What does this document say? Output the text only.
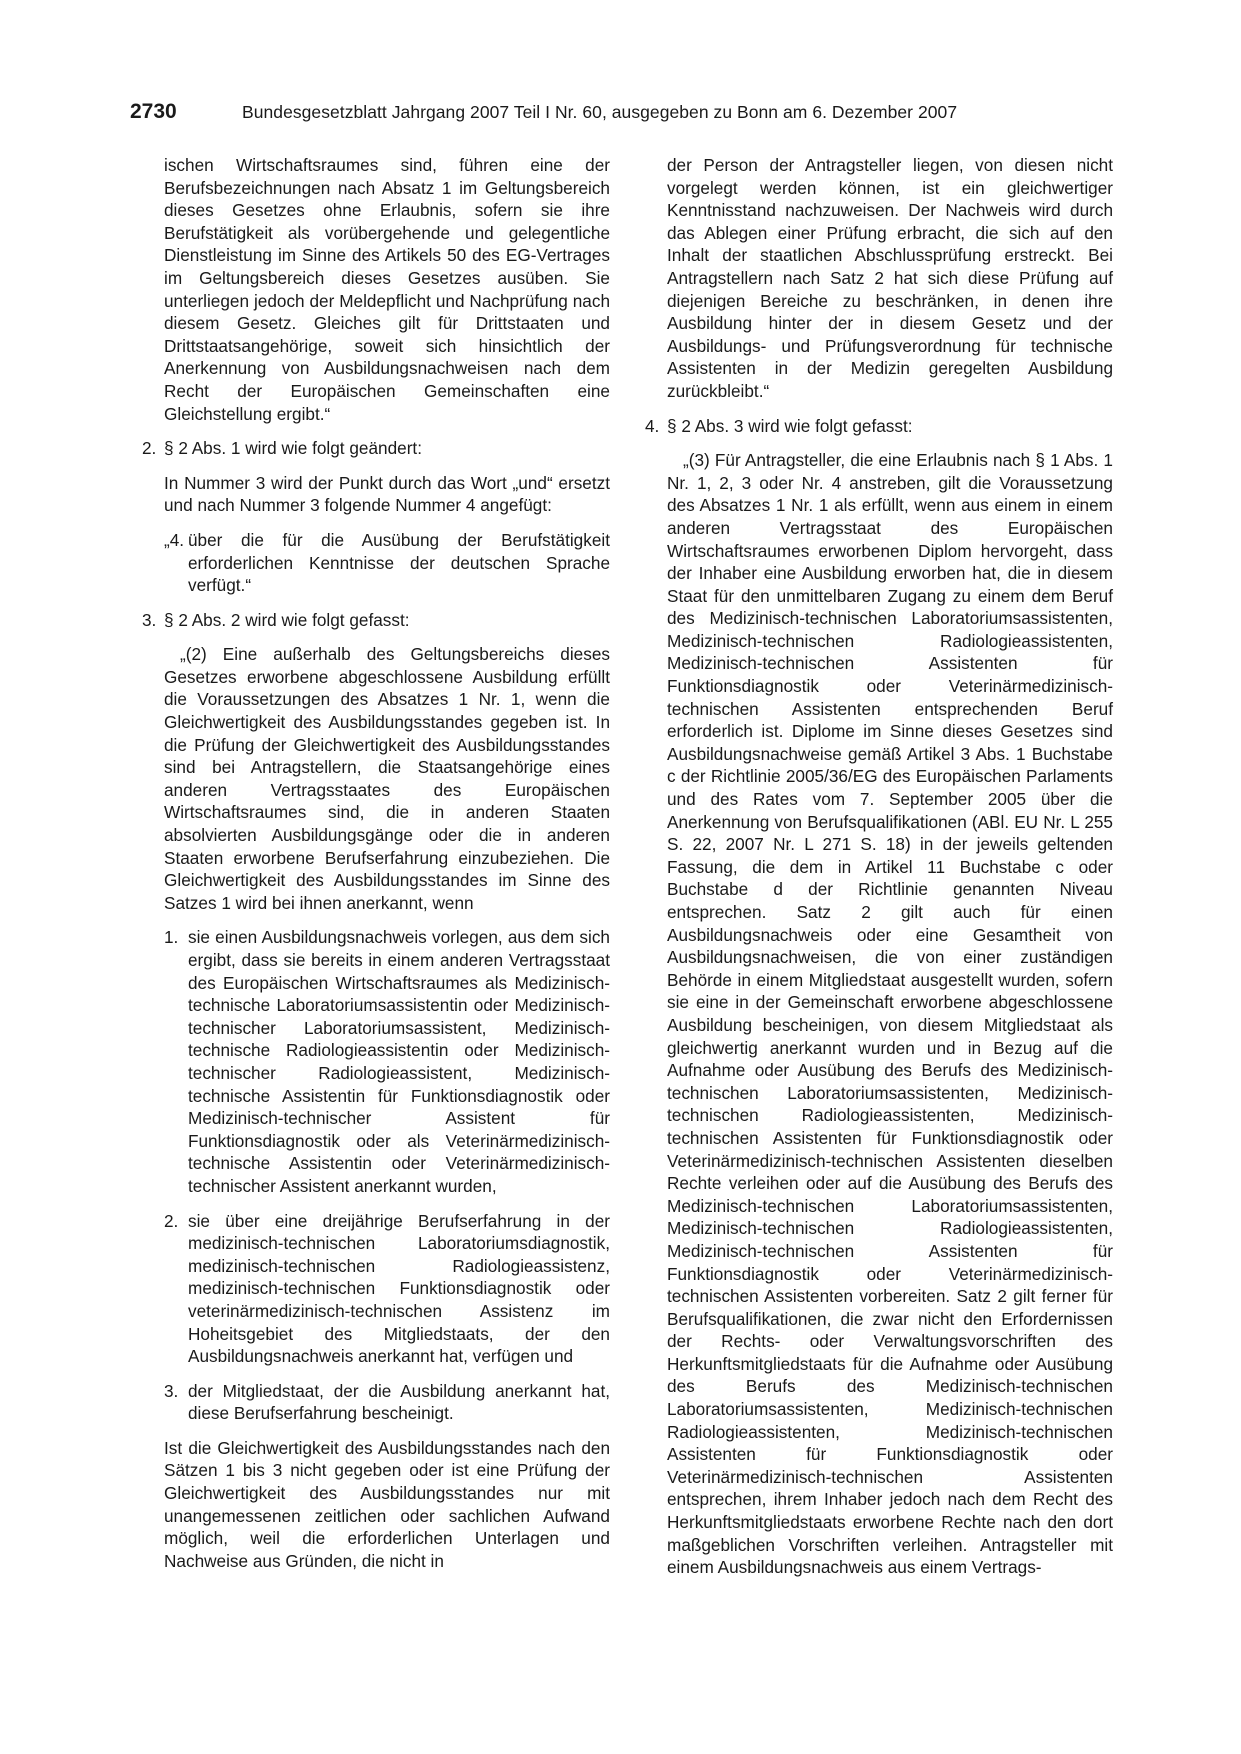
2730	Bundesgesetzblatt Jahrgang 2007 Teil I Nr. 60, ausgegeben zu Bonn am 6. Dezember 2007

ischen Wirtschaftsraumes sind, führen eine der Berufsbezeichnungen nach Absatz 1 im Geltungsbereich dieses Gesetzes ohne Erlaubnis, sofern sie ihre Berufstätigkeit als vorübergehende und gelegentliche Dienstleistung im Sinne des Artikels 50 des EG-Vertrages im Geltungsbereich dieses Gesetzes ausüben. Sie unterliegen jedoch der Meldepflicht und Nachprüfung nach diesem Gesetz. Gleiches gilt für Drittstaaten und Drittstaatsangehörige, soweit sich hinsichtlich der Anerkennung von Ausbildungsnachweisen nach dem Recht der Europäischen Gemeinschaften eine Gleichstellung ergibt.“

2. § 2 Abs. 1 wird wie folgt geändert:

In Nummer 3 wird der Punkt durch das Wort „und“ ersetzt und nach Nummer 3 folgende Nummer 4 angefügt:

„4. über die für die Ausübung der Berufstätigkeit erforderlichen Kenntnisse der deutschen Sprache verfügt.“
3. § 2 Abs. 2 wird wie folgt gefasst:

„(2) Eine außerhalb des Geltungsbereichs dieses Gesetzes erworbene abgeschlossene Ausbildung erfüllt die Voraussetzungen des Absatzes 1 Nr. 1, wenn die Gleichwertigkeit des Ausbildungsstandes gegeben ist. In die Prüfung der Gleichwertigkeit des Ausbildungsstandes sind bei Antragstellern, die Staatsangehörige eines anderen Vertragsstaates des Europäischen Wirtschaftsraumes sind, die in anderen Staaten absolvierten Ausbildungsgänge oder die in anderen Staaten erworbene Berufserfahrung einzubeziehen. Die Gleichwertigkeit des Ausbildungsstandes im Sinne des Satzes 1 wird bei ihnen anerkannt, wenn

1. sie einen Ausbildungsnachweis vorlegen, aus dem sich ergibt, dass sie bereits in einem anderen Vertragsstaat des Europäischen Wirtschaftsraumes als Medizinisch-technische Laboratoriumsassistentin oder Medizinisch-technischer Laboratoriumsassistent, Medizinisch-technische Radiologieassistentin oder Medizinisch-technischer Radiologieassistent, Medizinisch-technische Assistentin für Funktionsdiagnostik oder Medizinisch-technischer Assistent für Funktionsdiagnostik oder als Veterinärmedizinisch-technische Assistentin oder Veterinärmedizinisch-technischer Assistent anerkannt wurden,
2. sie über eine dreijährige Berufserfahrung in der medizinisch-technischen Laboratoriumsdiagnostik, medizinisch-technischen Radiologieassistenz, medizinisch-technischen Funktionsdiagnostik oder veterinärmedizinisch-technischen Assistenz im Hoheitsgebiet des Mitgliedstaats, der den Ausbildungsnachweis anerkannt hat, verfügen und
3. der Mitgliedstaat, der die Ausbildung anerkannt hat, diese Berufserfahrung bescheinigt.

Ist die Gleichwertigkeit des Ausbildungsstandes nach den Sätzen 1 bis 3 nicht gegeben oder ist eine Prüfung der Gleichwertigkeit des Ausbildungsstandes nur mit unangemessenen zeitlichen oder sachlichen Aufwand möglich, weil die erforderlichen Unterlagen und Nachweise aus Gründen, die nicht in

der Person der Antragsteller liegen, von diesen nicht vorgelegt werden können, ist ein gleichwertiger Kenntnisstand nachzuweisen. Der Nachweis wird durch das Ablegen einer Prüfung erbracht, die sich auf den Inhalt der staatlichen Abschlussprüfung erstreckt. Bei Antragstellern nach Satz 2 hat sich diese Prüfung auf diejenigen Bereiche zu beschränken, in denen ihre Ausbildung hinter der in diesem Gesetz und der Ausbildungs- und Prüfungsverordnung für technische Assistenten in der Medizin geregelten Ausbildung zurückbleibt.“

4. § 2 Abs. 3 wird wie folgt gefasst:

„(3) Für Antragsteller, die eine Erlaubnis nach § 1 Abs. 1 Nr. 1, 2, 3 oder Nr. 4 anstreben, gilt die Voraussetzung des Absatzes 1 Nr. 1 als erfüllt, wenn aus einem in einem anderen Vertragsstaat des Europäischen Wirtschaftsraumes erworbenen Diplom hervorgeht, dass der Inhaber eine Ausbildung erworben hat, die in diesem Staat für den unmittelbaren Zugang zu einem dem Beruf des Medizinisch-technischen Laboratoriumsassistenten, Medizinisch-technischen Radiologieassistenten, Medizinisch-technischen Assistenten für Funktionsdiagnostik oder Veterinärmedizinisch-technischen Assistenten entsprechenden Beruf erforderlich ist. Diplome im Sinne dieses Gesetzes sind Ausbildungsnachweise gemäß Artikel 3 Abs. 1 Buchstabe c der Richtlinie 2005/36/EG des Europäischen Parlaments und des Rates vom 7. September 2005 über die Anerkennung von Berufsqualifikationen (ABl. EU Nr. L 255 S. 22, 2007 Nr. L 271 S. 18) in der jeweils geltenden Fassung, die dem in Artikel 11 Buchstabe c oder Buchstabe d der Richtlinie genannten Niveau entsprechen. Satz 2 gilt auch für einen Ausbildungsnachweis oder eine Gesamtheit von Ausbildungsnachweisen, die von einer zuständigen Behörde in einem Mitgliedstaat ausgestellt wurden, sofern sie eine in der Gemeinschaft erworbene abgeschlossene Ausbildung bescheinigen, von diesem Mitgliedstaat als gleichwertig anerkannt wurden und in Bezug auf die Aufnahme oder Ausübung des Berufs des Medizinisch-technischen Laboratoriumsassistenten, Medizinisch-technischen Radiologieassistenten, Medizinisch-technischen Assistenten für Funktionsdiagnostik oder Veterinärmedizinisch-technischen Assistenten dieselben Rechte verleihen oder auf die Ausübung des Berufs des Medizinisch-technischen Laboratoriumsassistenten, Medizinisch-technischen Radiologieassistenten, Medizinisch-technischen Assistenten für Funktionsdiagnostik oder Veterinärmedizinisch-technischen Assistenten vorbereiten. Satz 2 gilt ferner für Berufsqualifikationen, die zwar nicht den Erfordernissen der Rechts- oder Verwaltungsvorschriften des Herkunftsmitgliedstaats für die Aufnahme oder Ausübung des Berufs des Medizinisch-technischen Laboratoriumsassistenten, Medizinisch-technischen Radiologieassistenten, Medizinisch-technischen Assistenten für Funktionsdiagnostik oder Veterinärmedizinisch-technischen Assistenten entsprechen, ihrem Inhaber jedoch nach dem Recht des Herkunftsmitgliedstaats erworbene Rechte nach den dort maßgeblichen Vorschriften verleihen. Antragsteller mit einem Ausbildungsnachweis aus einem Vertrags-
